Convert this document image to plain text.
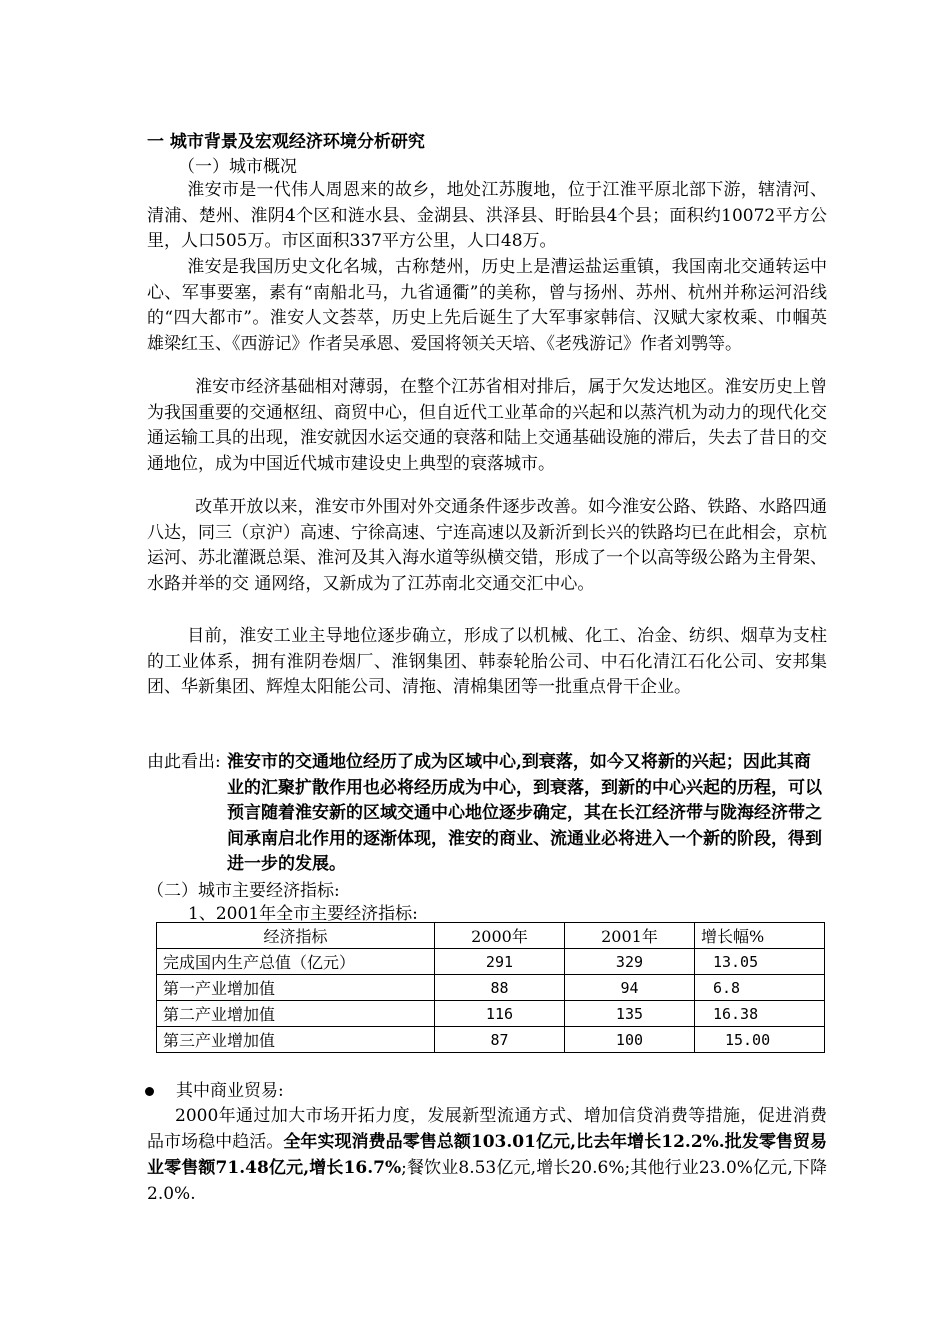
一 城市背景及宏观经济环境分析研究
（一）城市概况
淮安市是一代伟人周恩来的故乡，地处江苏腹地，位于江淮平原北部下游，辖清河、清浦、楚州、淮阴4个区和涟水县、金湖县、洪泽县、盱眙县4个县；面积约10072平方公里，人口505万。市区面积337平方公里，人口48万。
淮安是我国历史文化名城，古称楚州，历史上是漕运盐运重镇，我国南北交通转运中心、军事要塞，素有“南船北马，九省通衢”的美称，曾与扬州、苏州、杭州并称运河沿线的“四大都市”。淮安人文荟萃，历史上先后诞生了大军事家韩信、汉赋大家枚乘、巾帼英雄梁红玉、《西游记》作者吴承恩、爱国将领关天培、《老残游记》作者刘鹗等。
淮安市经济基础相对薄弱，在整个江苏省相对排后，属于欠发达地区。淮安历史上曾为我国重要的交通枢纽、商贸中心，但自近代工业革命的兴起和以蒸汽机为动力的现代化交通运输工具的出现，淮安就因水运交通的衰落和陆上交通基础设施的滞后，失去了昔日的交通地位，成为中国近代城市建设史上典型的衰落城市。
改革开放以来，淮安市外围对外交通条件逐步改善。如今淮安公路、铁路、水路四通八达，同三（京沪）高速、宁徐高速、宁连高速以及新沂到长兴的铁路均已在此相会，京杭运河、苏北灌溉总渠、淮河及其入海水道等纵横交错，形成了一个以高等级公路为主骨架、水路并举的交 通网络，又新成为了江苏南北交通交汇中心。
目前，淮安工业主导地位逐步确立，形成了以机械、化工、冶金、纺织、烟草为支柱的工业体系，拥有淮阴卷烟厂、淮钢集团、韩泰轮胎公司、中石化清江石化公司、安邦集团、华新集团、辉煌太阳能公司、清拖、清棉集团等一批重点骨干企业。
由此看出: 淮安市的交通地位经历了成为区域中心,到衰落，如今又将新的兴起；因此其商业的汇聚扩散作用也必将经历成为中心，到衰落，到新的中心兴起的历程，可以预言随着淮安新的区域交通中心地位逐步确定，其在长江经济带与陇海经济带之间承南启北作用的逐渐体现，淮安的商业、流通业必将进入一个新的阶段，得到进一步的发展。
（二）城市主要经济指标:
1、2001年全市主要经济指标:
经济指标	2000年	2001年	增长幅%
完成国内生产总值（亿元）	291	329	13.05
第一产业增加值	88	94	6.8
第二产业增加值	116	135	16.38
第三产业增加值	87	100	15.00
其中商业贸易:
2000年通过加大市场开拓力度，发展新型流通方式、增加信贷消费等措施，促进消费品市场稳中趋活。全年实现消费品零售总额103.01亿元,比去年增长12.2%.批发零售贸易业零售额71.48亿元,增长16.7%;餐饮业8.53亿元,增长20.6%;其他行业23.0%亿元,下降2.0%.
